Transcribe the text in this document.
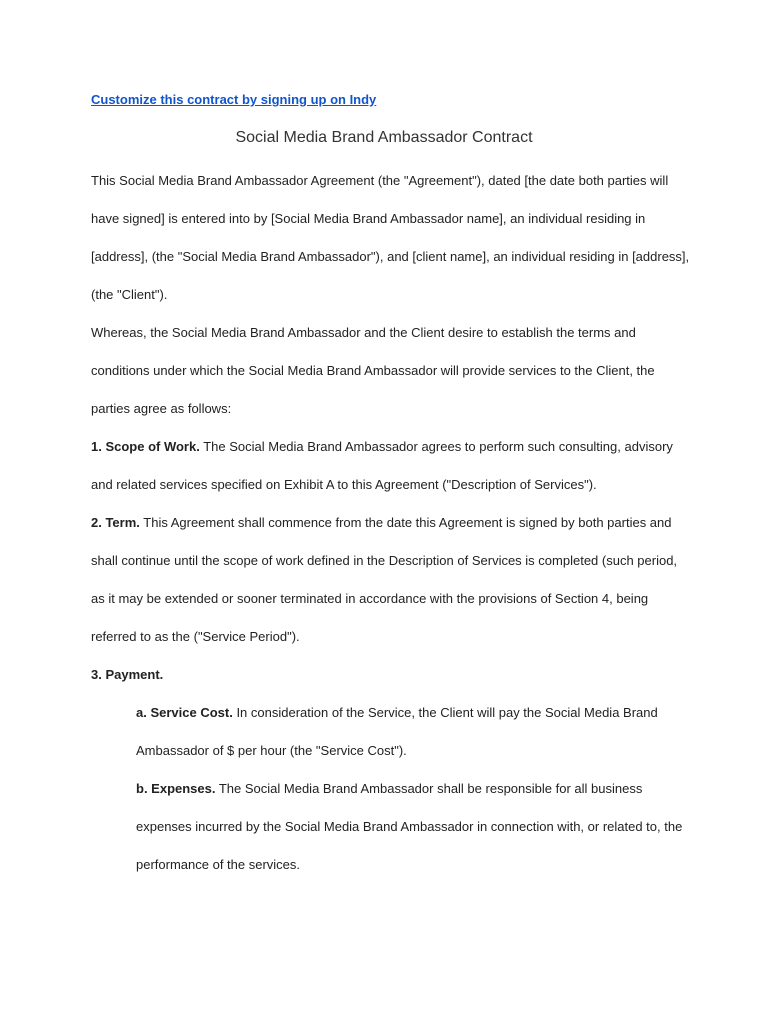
Customize this contract by signing up on Indy
Social Media Brand Ambassador Contract

This Social Media Brand Ambassador Agreement (the "Agreement"), dated [the date both parties will have signed] is entered into by [Social Media Brand Ambassador name], an individual residing in [address], (the "Social Media Brand Ambassador"), and [client name], an individual residing in [address], (the "Client").

Whereas, the Social Media Brand Ambassador and the Client desire to establish the terms and conditions under which the Social Media Brand Ambassador will provide services to the Client, the parties agree as follows:

1. Scope of Work. The Social Media Brand Ambassador agrees to perform such consulting, advisory and related services specified on Exhibit A to this Agreement ("Description of Services").

2. Term. This Agreement shall commence from the date this Agreement is signed by both parties and shall continue until the scope of work defined in the Description of Services is completed (such period, as it may be extended or sooner terminated in accordance with the provisions of Section 4, being referred to as the ("Service Period").

3. Payment.

a. Service Cost. In consideration of the Service, the Client will pay the Social Media Brand Ambassador of $ per hour (the "Service Cost").

b. Expenses. The Social Media Brand Ambassador shall be responsible for all business expenses incurred by the Social Media Brand Ambassador in connection with, or related to, the performance of the services.
